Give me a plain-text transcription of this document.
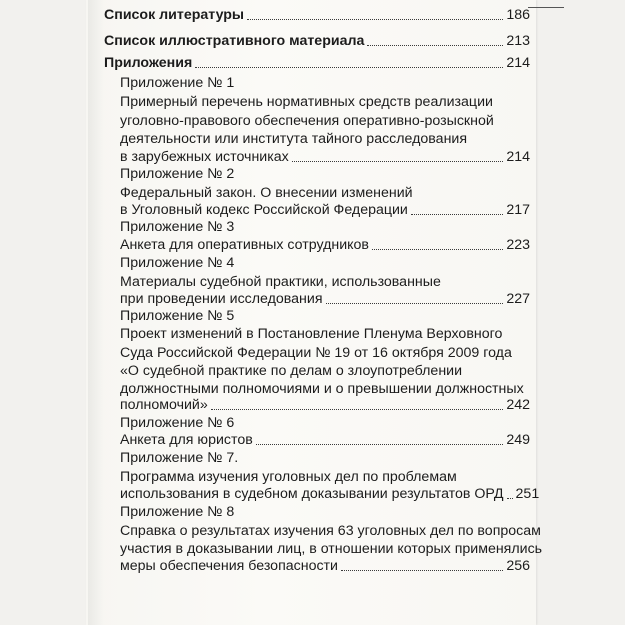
Список литературы	186
Список иллюстративного материала	213
Приложения	214
Приложение № 1
Примерный перечень нормативных средств реализации
уголовно-правового обеспечения оперативно-розыскной
деятельности или института тайного расследования
в зарубежных источниках	214
Приложение № 2
Федеральный закон. О внесении изменений
в Уголовный кодекс Российской Федерации	217
Приложение № 3
Анкета для оперативных сотрудников	223
Приложение № 4
Материалы судебной практики, использованные
при проведении исследования	227
Приложение № 5
Проект изменений в Постановление Пленума Верховного
Суда Российской Федерации № 19 от 16 октября 2009 года
«О судебной практике по делам о злоупотреблении
должностными полномочиями и о превышении должностных
полномочий»	242
Приложение № 6
Анкета для юристов	249
Приложение № 7.
Программа изучения уголовных дел по проблемам
использования в судебном доказывании результатов ОРД 251
Приложение № 8
Справка о результатах изучения 63 уголовных дел по вопросам
участия в доказывании лиц, в отношении которых применялись
меры обеспечения безопасности	256
